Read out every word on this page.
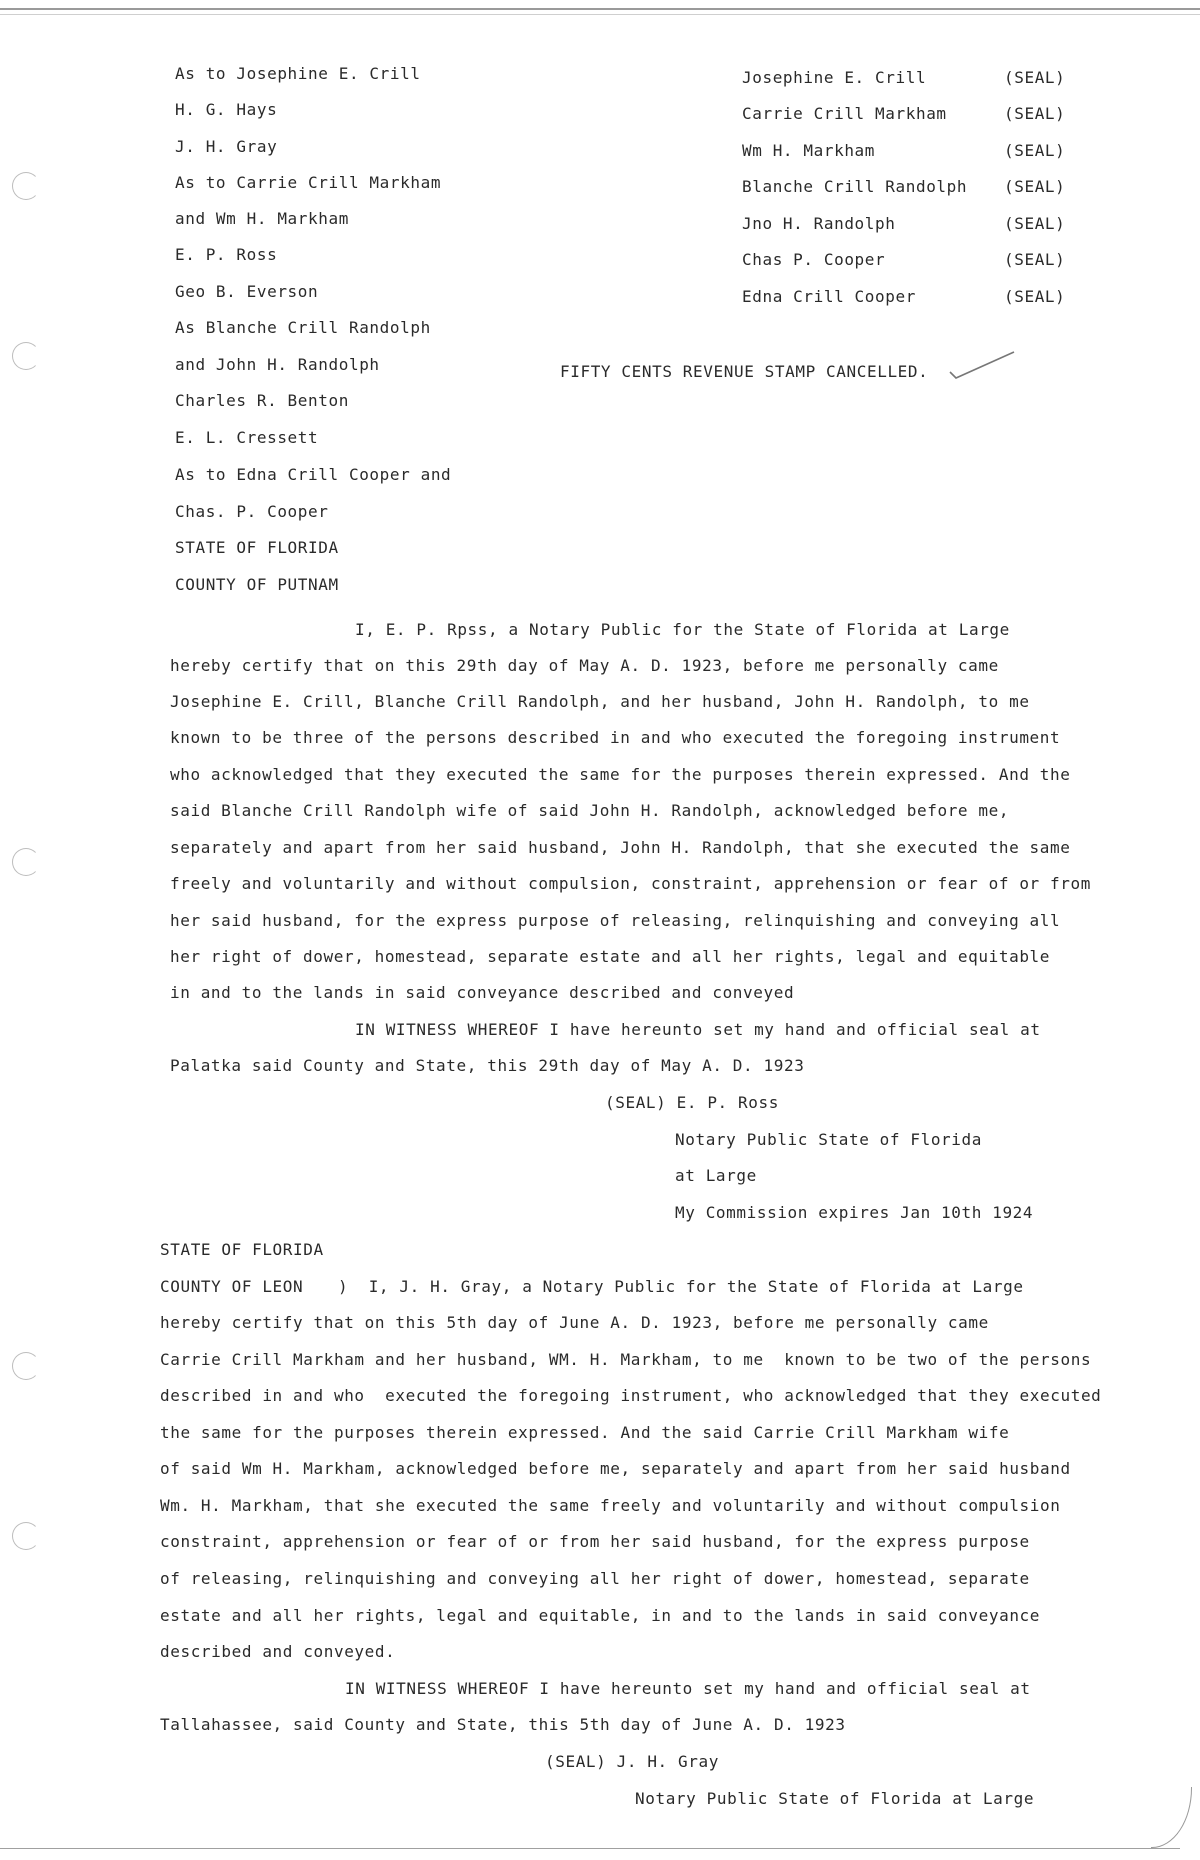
As to Josephine E. Crill
H. G. Hays
J. H. Gray
As to Carrie Crill Markham
and Wm H. Markham
E. P. Ross
Geo B. Everson
As Blanche Crill Randolph
and John H. Randolph
Charles R. Benton
E. L. Cressett
As to Edna Crill Cooper and
Chas. P. Cooper
STATE OF FLORIDA
COUNTY OF PUTNAM
Josephine E. Crill	(SEAL)
Carrie Crill Markham	(SEAL)
Wm H. Markham	(SEAL)
Blanche Crill Randolph (SEAL)
Jno H. Randolph	(SEAL)
Chas P. Cooper	(SEAL)
Edna Crill Cooper	(SEAL)
FIFTY CENTS REVENUE STAMP CANCELLED.
I, E. P. Rpss, a Notary Public for the State of Florida at Large
hereby certify that on this 29th day of May A. D. 1923, before me personally came
Josephine E. Crill, Blanche Crill Randolph, and her husband, John H. Randolph, to me
known to be three of the persons described in and who executed the foregoing instrument
who acknowledged that they executed the same for the purposes therein expressed. And the
said Blanche Crill Randolph wife of said John H. Randolph, acknowledged before me,
separately and apart from her said husband, John H. Randolph, that she executed the same
freely and voluntarily and without compulsion, constraint, apprehension or fear of or from
her said husband, for the express purpose of releasing, relinquishing and conveying all
her right of dower, homestead, separate estate and all her rights, legal and equitable
in and to the lands in said conveyance described and conveyed
IN WITNESS WHEREOF I have hereunto set my hand and official seal at
Palatka said County and State, this 29th day of May A. D. 1923
(SEAL) E. P. Ross
Notary Public State of Florida
at Large
My Commission expires Jan 10th 1924
STATE OF FLORIDA
COUNTY OF LEON )  I, J. H. Gray, a Notary Public for the State of Florida at Large
hereby certify that on this 5th day of June A. D. 1923, before me personally came
Carrie Crill Markham and her husband, WM. H. Markham, to me  known to be two of the persons
described in and who  executed the foregoing instrument, who acknowledged that they executed
the same for the purposes therein expressed. And the said Carrie Crill Markham wife
of said Wm H. Markham, acknowledged before me, separately and apart from her said husband
Wm. H. Markham, that she executed the same freely and voluntarily and without compulsion
constraint, apprehension or fear of or from her said husband, for the express purpose
of releasing, relinquishing and conveying all her right of dower, homestead, separate
estate and all her rights, legal and equitable, in and to the lands in said conveyance
described and conveyed.
IN WITNESS WHEREOF I have hereunto set my hand and official seal at
Tallahassee, said County and State, this 5th day of June A. D. 1923
(SEAL) J. H. Gray
Notary Public State of Florida at Large
